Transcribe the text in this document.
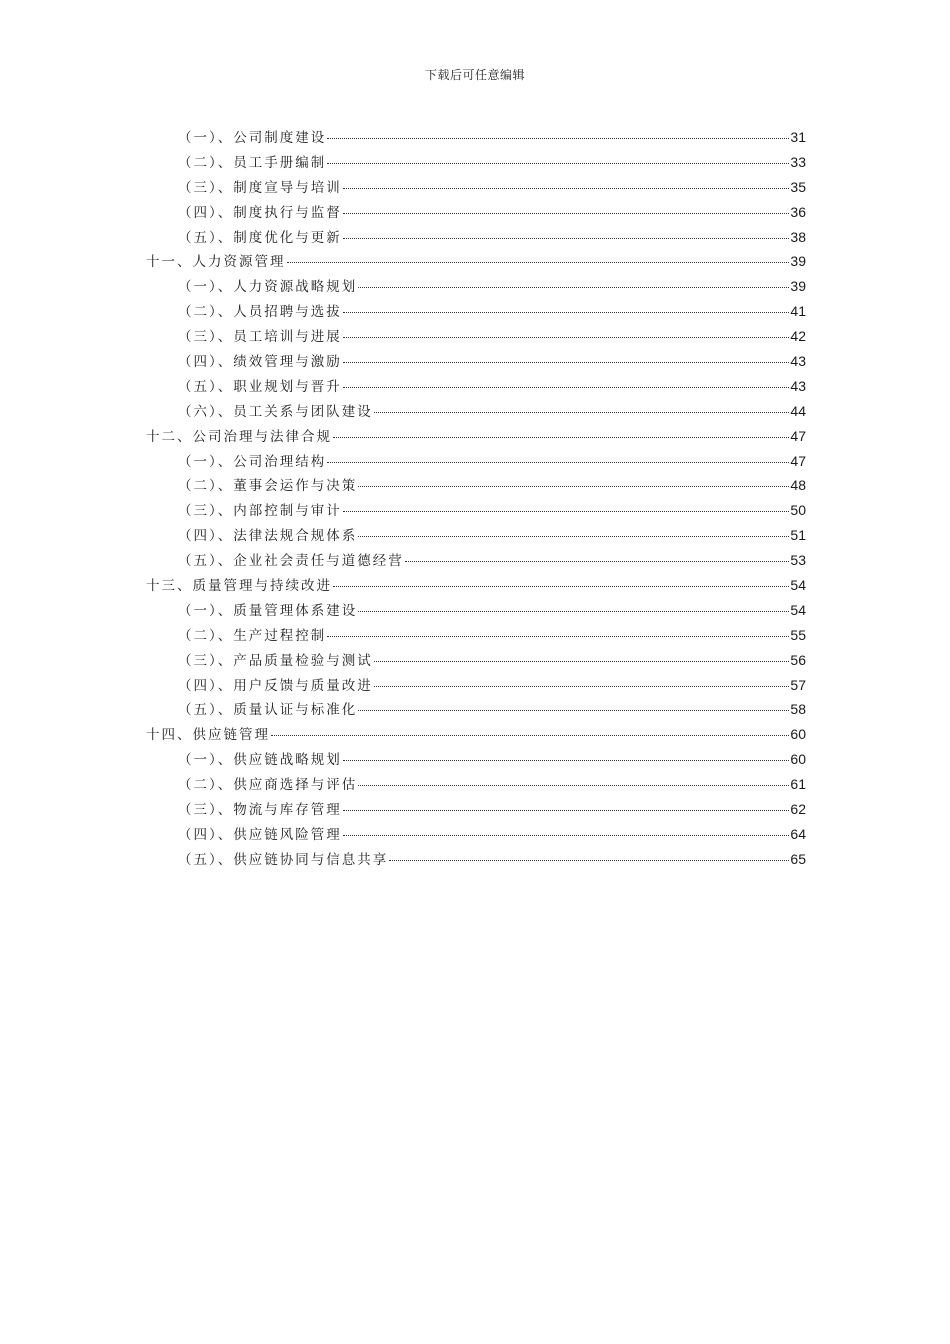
下载后可任意编辑
（一）、公司制度建设	31
（二）、员工手册编制	33
（三）、制度宣导与培训	35
（四）、制度执行与监督	36
（五）、制度优化与更新	38
十一、人力资源管理	39
（一）、人力资源战略规划	39
（二）、人员招聘与选拔	41
（三）、员工培训与进展	42
（四）、绩效管理与激励	43
（五）、职业规划与晋升	43
（六）、员工关系与团队建设	44
十二、公司治理与法律合规	47
（一）、公司治理结构	47
（二）、董事会运作与决策	48
（三）、内部控制与审计	50
（四）、法律法规合规体系	51
（五）、企业社会责任与道德经营	53
十三、质量管理与持续改进	54
（一）、质量管理体系建设	54
（二）、生产过程控制	55
（三）、产品质量检验与测试	56
（四）、用户反馈与质量改进	57
（五）、质量认证与标准化	58
十四、供应链管理	60
（一）、供应链战略规划	60
（二）、供应商选择与评估	61
（三）、物流与库存管理	62
（四）、供应链风险管理	64
（五）、供应链协同与信息共享	65
